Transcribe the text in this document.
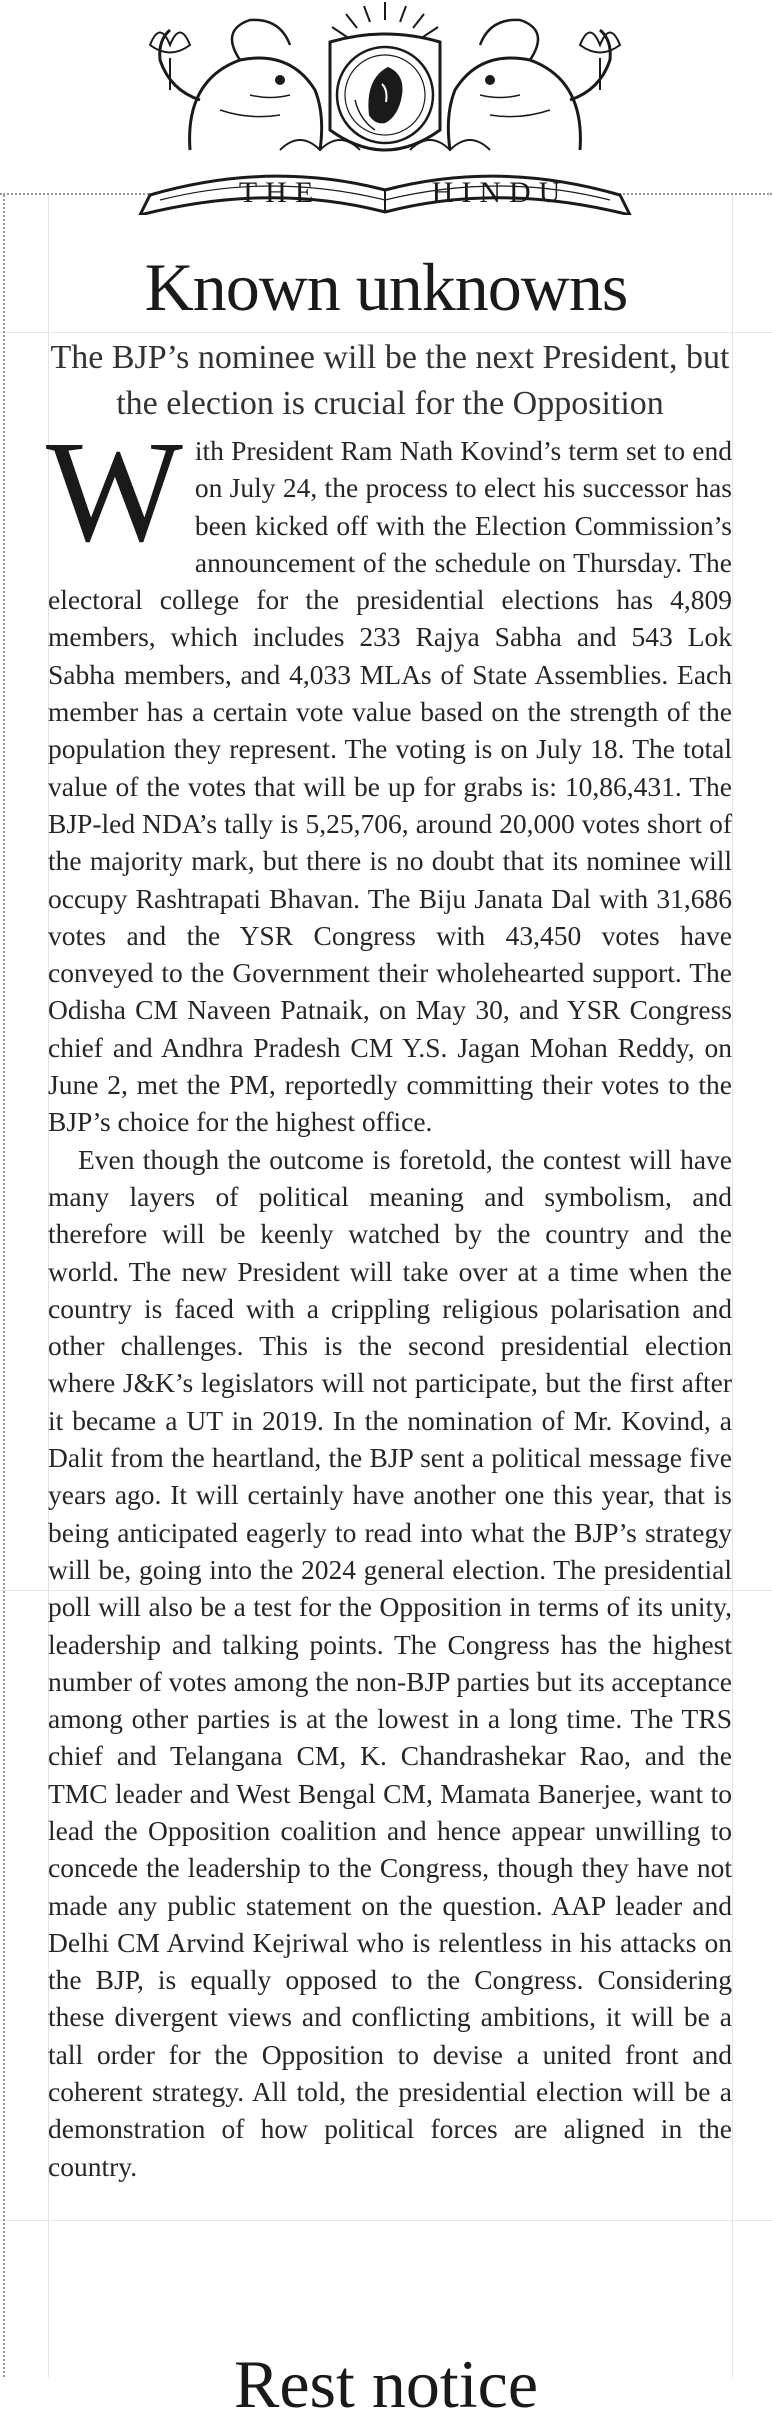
THE	HINDU
Known unknowns

The BJP’s nominee will be the next President, but the election is crucial for the Opposition

With President Ram Nath Kovind’s term set to end on July 24, the process to elect his successor has been kicked off with the Election Commission’s announcement of the schedule on Thursday. The electoral college for the presidential elections has 4,809 members, which includes 233 Rajya Sabha and 543 Lok Sabha members, and 4,033 MLAs of State Assemblies. Each member has a certain vote value based on the strength of the population they represent. The voting is on July 18. The total value of the votes that will be up for grabs is: 10,86,431. The BJP-led NDA’s tally is 5,25,706, around 20,000 votes short of the majority mark, but there is no doubt that its nominee will occupy Rashtrapati Bhavan. The Biju Janata Dal with 31,686 votes and the YSR Congress with 43,450 votes have conveyed to the Government their wholehearted support. The Odisha CM Naveen Patnaik, on May 30, and YSR Congress chief and Andhra Pradesh CM Y.S. Jagan Mohan Reddy, on June 2, met the PM, reportedly committing their votes to the BJP’s choice for the highest office.

Even though the outcome is foretold, the contest will have many layers of political meaning and symbolism, and therefore will be keenly watched by the country and the world. The new President will take over at a time when the country is faced with a crippling religious polarisation and other challenges. This is the second presidential election where J&K’s legislators will not participate, but the first after it became a UT in 2019. In the nomination of Mr. Kovind, a Dalit from the heartland, the BJP sent a political message five years ago. It will certainly have another one this year, that is being anticipated eagerly to read into what the BJP’s strategy will be, going into the 2024 general election. The presidential poll will also be a test for the Opposition in terms of its unity, leadership and talking points. The Congress has the highest number of votes among the non-BJP parties but its acceptance among other parties is at the lowest in a long time. The TRS chief and Telangana CM, K. Chandrashekar Rao, and the TMC leader and West Bengal CM, Mamata Banerjee, want to lead the Opposition coalition and hence appear unwilling to concede the leadership to the Congress, though they have not made any public statement on the question. AAP leader and Delhi CM Arvind Kejriwal who is relentless in his attacks on the BJP, is equally opposed to the Congress. Considering these divergent views and conflicting ambitions, it will be a tall order for the Opposition to devise a united front and coherent strategy. All told, the presidential election will be a demonstration of how political forces are aligned in the country.

Rest notice
